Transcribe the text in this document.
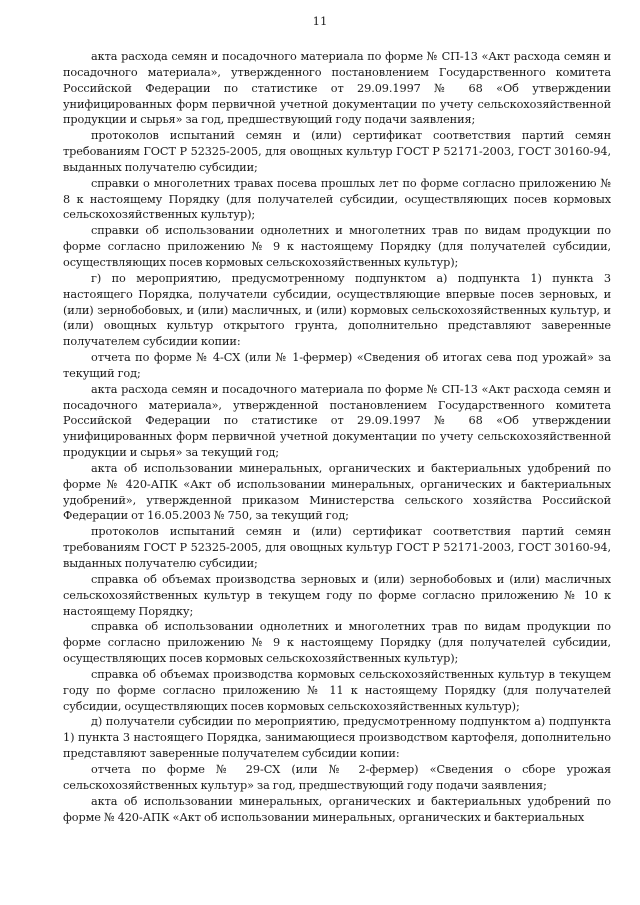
11

акта расхода семян и посадочного материала по форме № СП-13 «Акт расхода семян и посадочного материала», утвержденного постановлением Государственного комитета Российской Федерации по статистике от 29.09.1997 № 68 «Об утверждении унифицированных форм первичной учетной документации по учету сельскохозяйственной продукции и сырья» за год, предшествующий году подачи заявления;

протоколов испытаний семян и (или) сертификат соответствия партий семян требованиям ГОСТ Р 52325-2005, для овощных культур ГОСТ Р 52171-2003, ГОСТ 30160-94, выданных получателю субсидии;

справки о многолетних травах посева прошлых лет по форме согласно приложению № 8 к настоящему Порядку (для получателей субсидии, осуществляющих посев кормовых сельскохозяйственных культур);

справки об использовании однолетних и многолетних трав по видам продукции по форме согласно приложению № 9 к настоящему Порядку (для получателей субсидии, осуществляющих посев кормовых сельскохозяйственных культур);

г) по мероприятию, предусмотренному подпунктом а) подпункта 1) пункта 3 настоящего Порядка, получатели субсидии, осуществляющие впервые посев зерновых, и (или) зернобобовых, и (или) масличных, и (или) кормовых сельскохозяйственных культур, и (или) овощных культур открытого грунта, дополнительно представляют заверенные получателем субсидии копии:

отчета по форме № 4-СХ (или № 1-фермер) «Сведения об итогах сева под урожай» за текущий год;

акта расхода семян и посадочного материала по форме № СП-13 «Акт расхода семян и посадочного материала», утвержденной постановлением Государственного комитета Российской Федерации по статистике от 29.09.1997 № 68 «Об утверждении унифицированных форм первичной учетной документации по учету сельскохозяйственной продукции и сырья» за текущий год;

акта об использовании минеральных, органических и бактериальных удобрений по форме № 420-АПК «Акт об использовании минеральных, органических и бактериальных удобрений», утвержденной приказом Министерства сельского хозяйства Российской Федерации от 16.05.2003 № 750, за текущий год;

протоколов испытаний семян и (или) сертификат соответствия партий семян требованиям ГОСТ Р 52325-2005, для овощных культур ГОСТ Р 52171-2003, ГОСТ 30160-94, выданных получателю субсидии;

справка об объемах производства зерновых и (или) зернобобовых и (или) масличных сельскохозяйственных культур в текущем году по форме согласно приложению № 10 к настоящему Порядку;

справка об использовании однолетних и многолетних трав по видам продукции по форме согласно приложению № 9 к настоящему Порядку (для получателей субсидии, осуществляющих посев кормовых сельскохозяйственных культур);

справка об объемах производства кормовых сельскохозяйственных культур в текущем году по форме согласно приложению № 11 к настоящему Порядку (для получателей субсидии, осуществляющих посев кормовых сельскохозяйственных культур);

д) получатели субсидии по мероприятию, предусмотренному подпунктом а) подпункта 1) пункта 3 настоящего Порядка, занимающиеся производством картофеля, дополнительно представляют заверенные получателем субсидии копии:

отчета по форме № 29-СХ (или № 2-фермер) «Сведения о сборе урожая сельскохозяйственных культур» за год, предшествующий году подачи заявления;

акта об использовании минеральных, органических и бактериальных удобрений по форме № 420-АПК «Акт об использовании минеральных, органических и бактериальных
